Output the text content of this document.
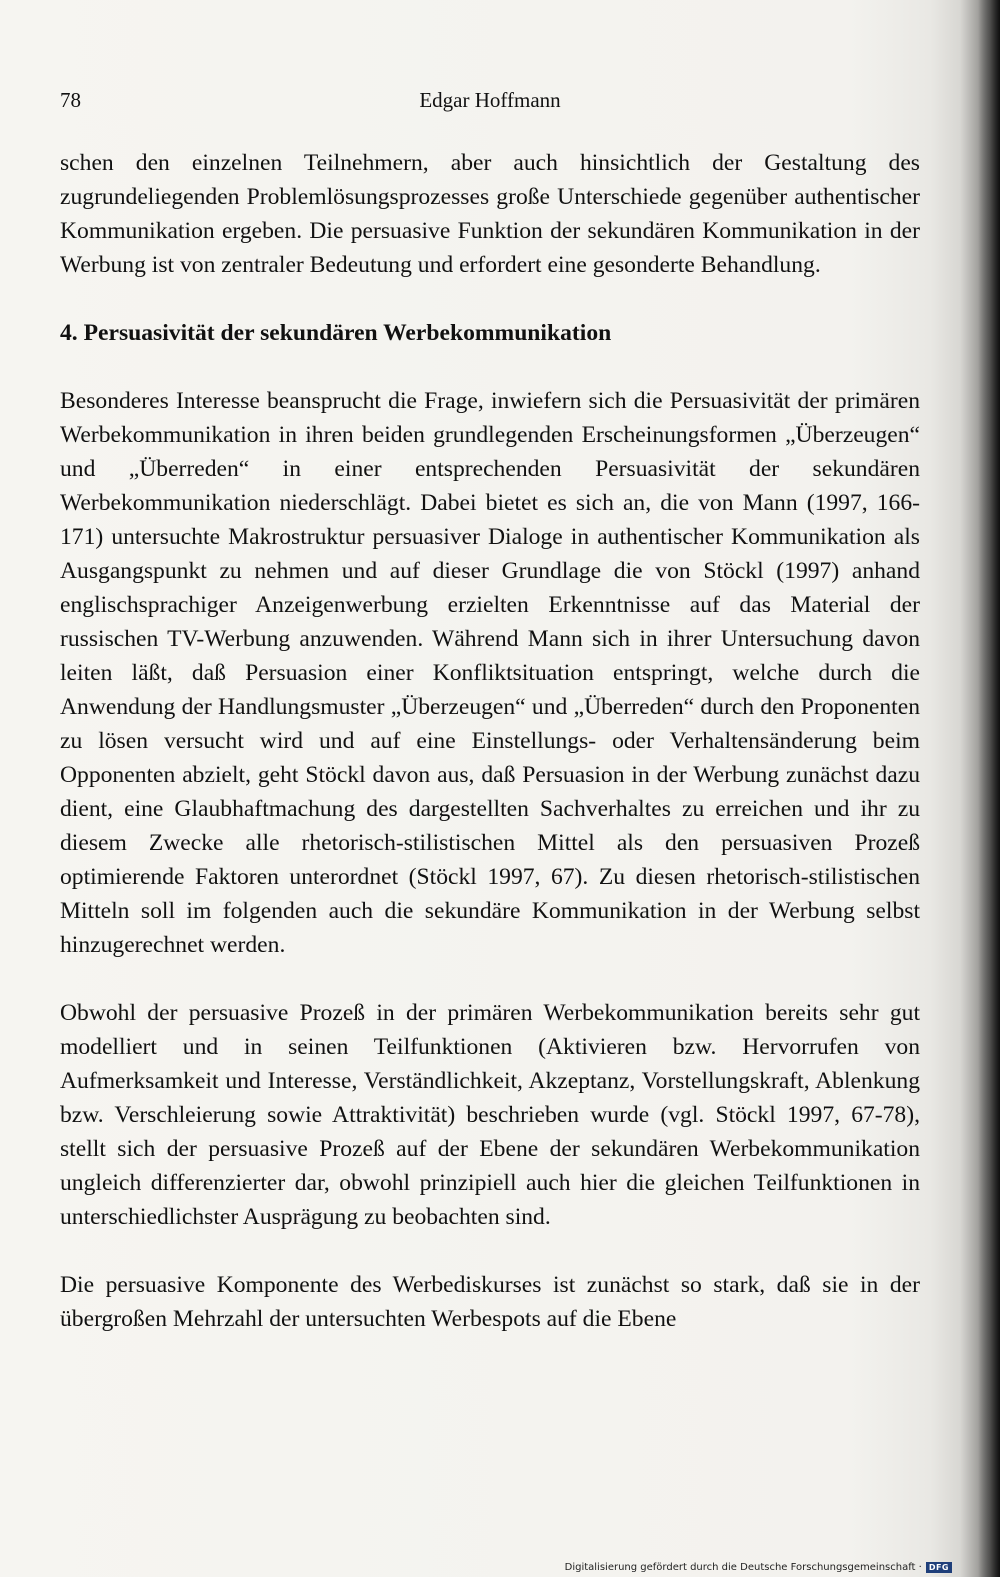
78	Edgar Hoffmann

schen den einzelnen Teilnehmern, aber auch hinsichtlich der Gestaltung des zugrundeliegenden Problemlösungsprozesses große Unterschiede gegenüber authentischer Kommunikation ergeben. Die persuasive Funktion der sekundären Kommunikation in der Werbung ist von zentraler Bedeutung und erfordert eine gesonderte Behandlung.

4. Persuasivität der sekundären Werbekommunikation

Besonderes Interesse beansprucht die Frage, inwiefern sich die Persuasivität der primären Werbekommunikation in ihren beiden grundlegenden Erscheinungsformen „Überzeugen“ und „Überreden“ in einer entsprechenden Persuasivität der sekundären Werbekommunikation niederschlägt. Dabei bietet es sich an, die von Mann (1997, 166-171) untersuchte Makrostruktur persuasiver Dialoge in authentischer Kommunikation als Ausgangspunkt zu nehmen und auf dieser Grundlage die von Stöckl (1997) anhand englischsprachiger Anzeigenwerbung erzielten Erkenntnisse auf das Material der russischen TV-Werbung anzuwenden. Während Mann sich in ihrer Untersuchung davon leiten läßt, daß Persuasion einer Konfliktsituation entspringt, welche durch die Anwendung der Handlungsmuster „Überzeugen“ und „Überreden“ durch den Proponenten zu lösen versucht wird und auf eine Einstellungs- oder Verhaltensänderung beim Opponenten abzielt, geht Stöckl davon aus, daß Persuasion in der Werbung zunächst dazu dient, eine Glaubhaftmachung des dargestellten Sachverhaltes zu erreichen und ihr zu diesem Zwecke alle rhetorisch-stilistischen Mittel als den persuasiven Prozeß optimierende Faktoren unterordnet (Stöckl 1997, 67). Zu diesen rhetorisch-stilistischen Mitteln soll im folgenden auch die sekundäre Kommunikation in der Werbung selbst hinzugerechnet werden.

Obwohl der persuasive Prozeß in der primären Werbekommunikation bereits sehr gut modelliert und in seinen Teilfunktionen (Aktivieren bzw. Hervorrufen von Aufmerksamkeit und Interesse, Verständlichkeit, Akzeptanz, Vorstellungskraft, Ablenkung bzw. Verschleierung sowie Attraktivität) beschrieben wurde (vgl. Stöckl 1997, 67-78), stellt sich der persuasive Prozeß auf der Ebene der sekundären Werbekommunikation ungleich differenzierter dar, obwohl prinzipiell auch hier die gleichen Teilfunktionen in unterschiedlichster Ausprägung zu beobachten sind.

Die persuasive Komponente des Werbediskurses ist zunächst so stark, daß sie in der übergroßen Mehrzahl der untersuchten Werbespots auf die Ebene

Digitalisierung gefördert durch die Deutsche Forschungsgemeinschaft · DFG
